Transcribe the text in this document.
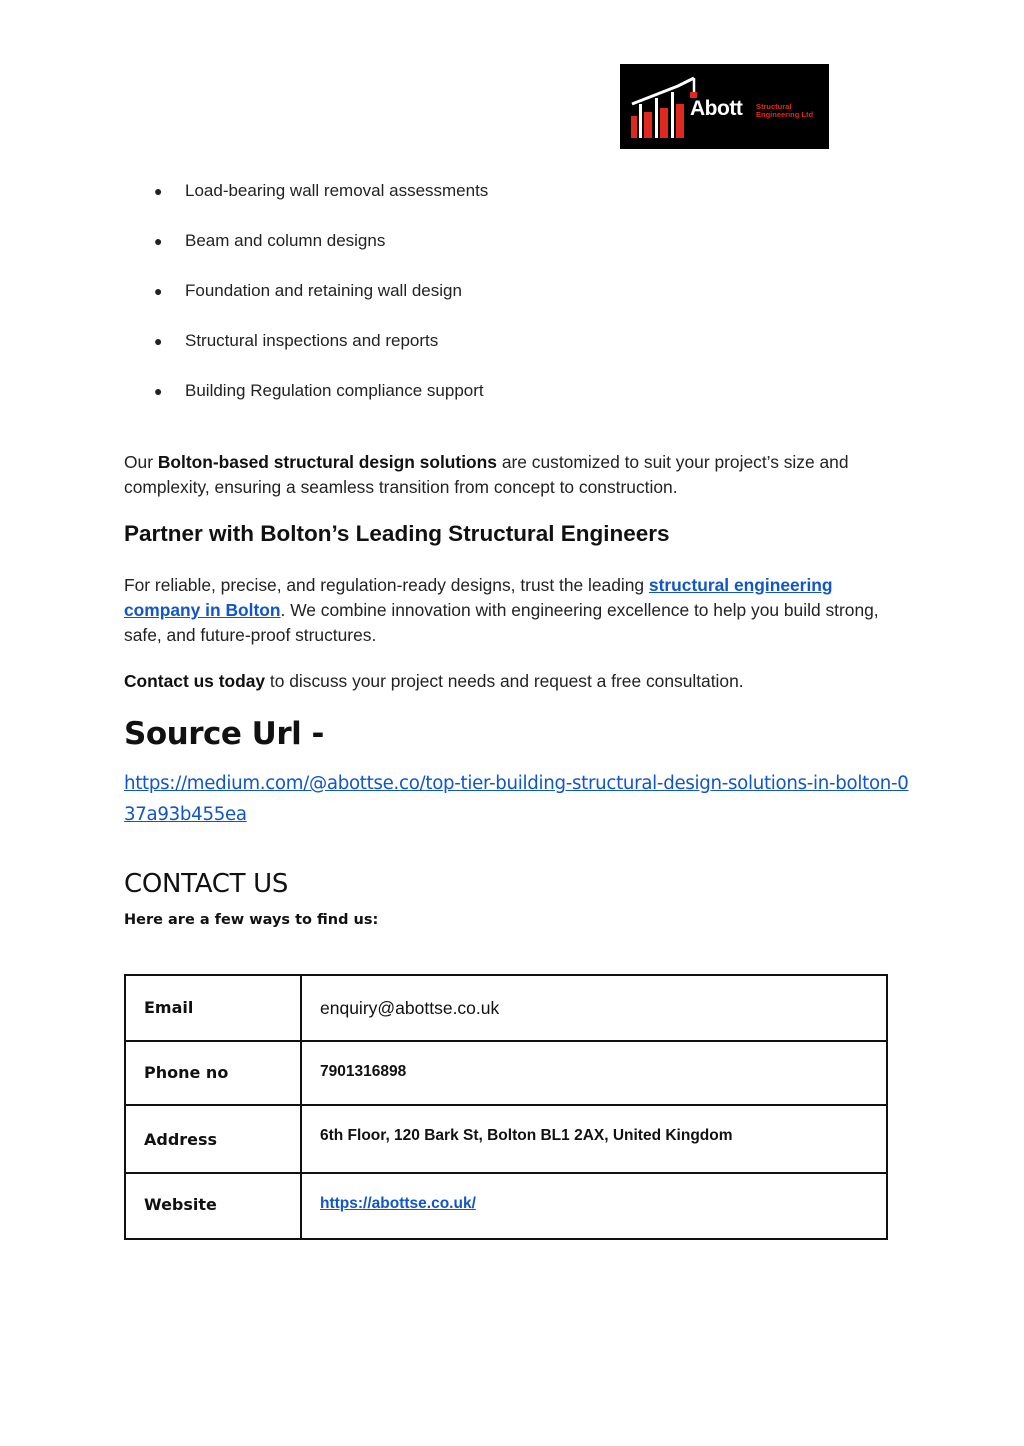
Abott Structural Engineering Ltd
● Load-bearing wall removal assessments
● Beam and column designs
● Foundation and retaining wall design
● Structural inspections and reports
● Building Regulation compliance support

Our Bolton-based structural design solutions are customized to suit your project’s size and complexity, ensuring a seamless transition from concept to construction.

Partner with Bolton’s Leading Structural Engineers

For reliable, precise, and regulation-ready designs, trust the leading structural engineering company in Bolton. We combine innovation with engineering excellence to help you build strong, safe, and future-proof structures.

Contact us today to discuss your project needs and request a free consultation.

Source Url -
https://medium.com/@abottse.co/top-tier-building-structural-design-solutions-in-bolton-037a93b455ea
CONTACT US

Here are a few ways to find us:

Email	enquiry@abottse.co.uk
Phone no	7901316898
Address	6th Floor, 120 Bark St, Bolton BL1 2AX, United Kingdom
Website	https://abottse.co.uk/
